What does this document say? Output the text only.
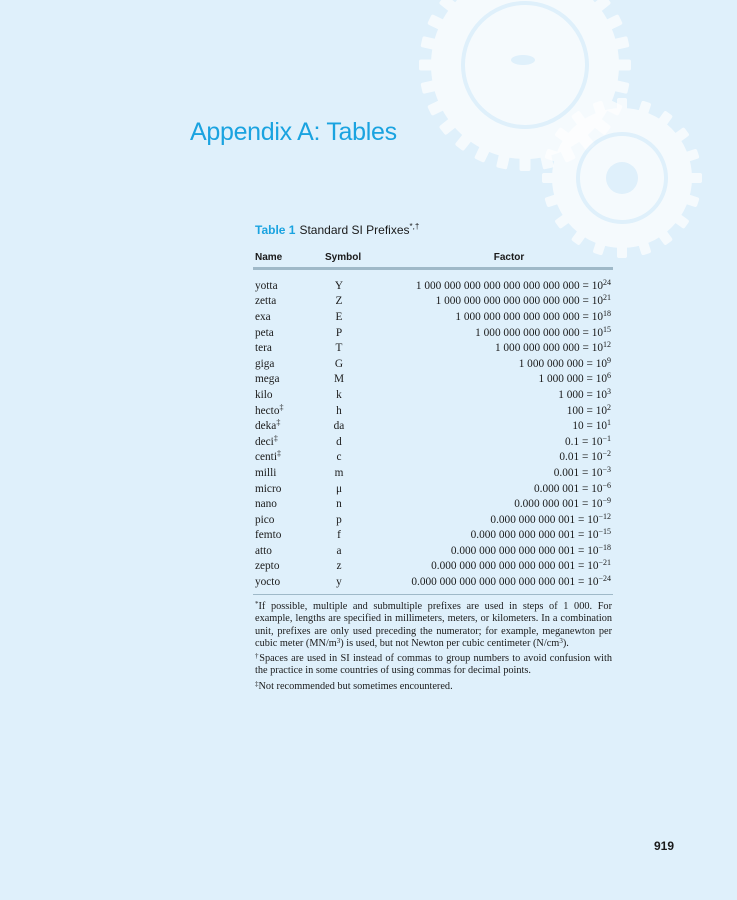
Appendix A: Tables
Table 1 Standard SI Prefixes*,†
Name	Symbol	Factor
yotta	Y	1 000 000 000 000 000 000 000 $000 = 10^{24}$
zetta	Z	1 000 000 000 000 000 000 $000 = 10^{21}$
exa	E	1 000 000 000 000 000 $000 = 10^{18}$
peta	P	1 000 000 000 000 $000 = 10^{15}$
tera	T	1 000 000 000 $000 = 10^{12}$
giga	G	1 000 000 $000 = 10^9$
mega	M	1 000 $000 = 10^6$
kilo	k	1 $000 = 10^3$
hecto‡	h	$100 = 10^2$
deka‡	da	$10 = 10^1$
deci‡	d	$0.1 = 10^{-1}$
centi‡	c	$0.01 = 10^{-2}$
milli	m	$0.001 = 10^{-3}$
micro	μ	0.000 $001 = 10^{-6}$
nano	n	0.000 000 $001 = 10^{-9}$
pico	p	0.000 000 000 $001 = 10^{-12}$
femto	f	0.000 000 000 000 $001 = 10^{-15}$
atto	a	0.000 000 000 000 000 $001 = 10^{-18}$
zepto	z	0.000 000 000 000 000 000 $001 = 10^{-21}$
yocto	y	0.000 000 000 000 000 000 000 $001 = 10^{-24}$

*If possible, multiple and submultiple prefixes are used in steps of 1 000. For example, lengths are specified in millimeters, meters, or kilometers. In a combination unit, prefixes are only used preceding the numerator; for example, meganewton per cubic meter $(MN/m^3)$ is used, but not Newton per cubic centimeter $(N/cm^3)$.

†Spaces are used in SI instead of commas to group numbers to avoid confusion with the practice in some countries of using commas for decimal points.

‡Not recommended but sometimes encountered.

919
